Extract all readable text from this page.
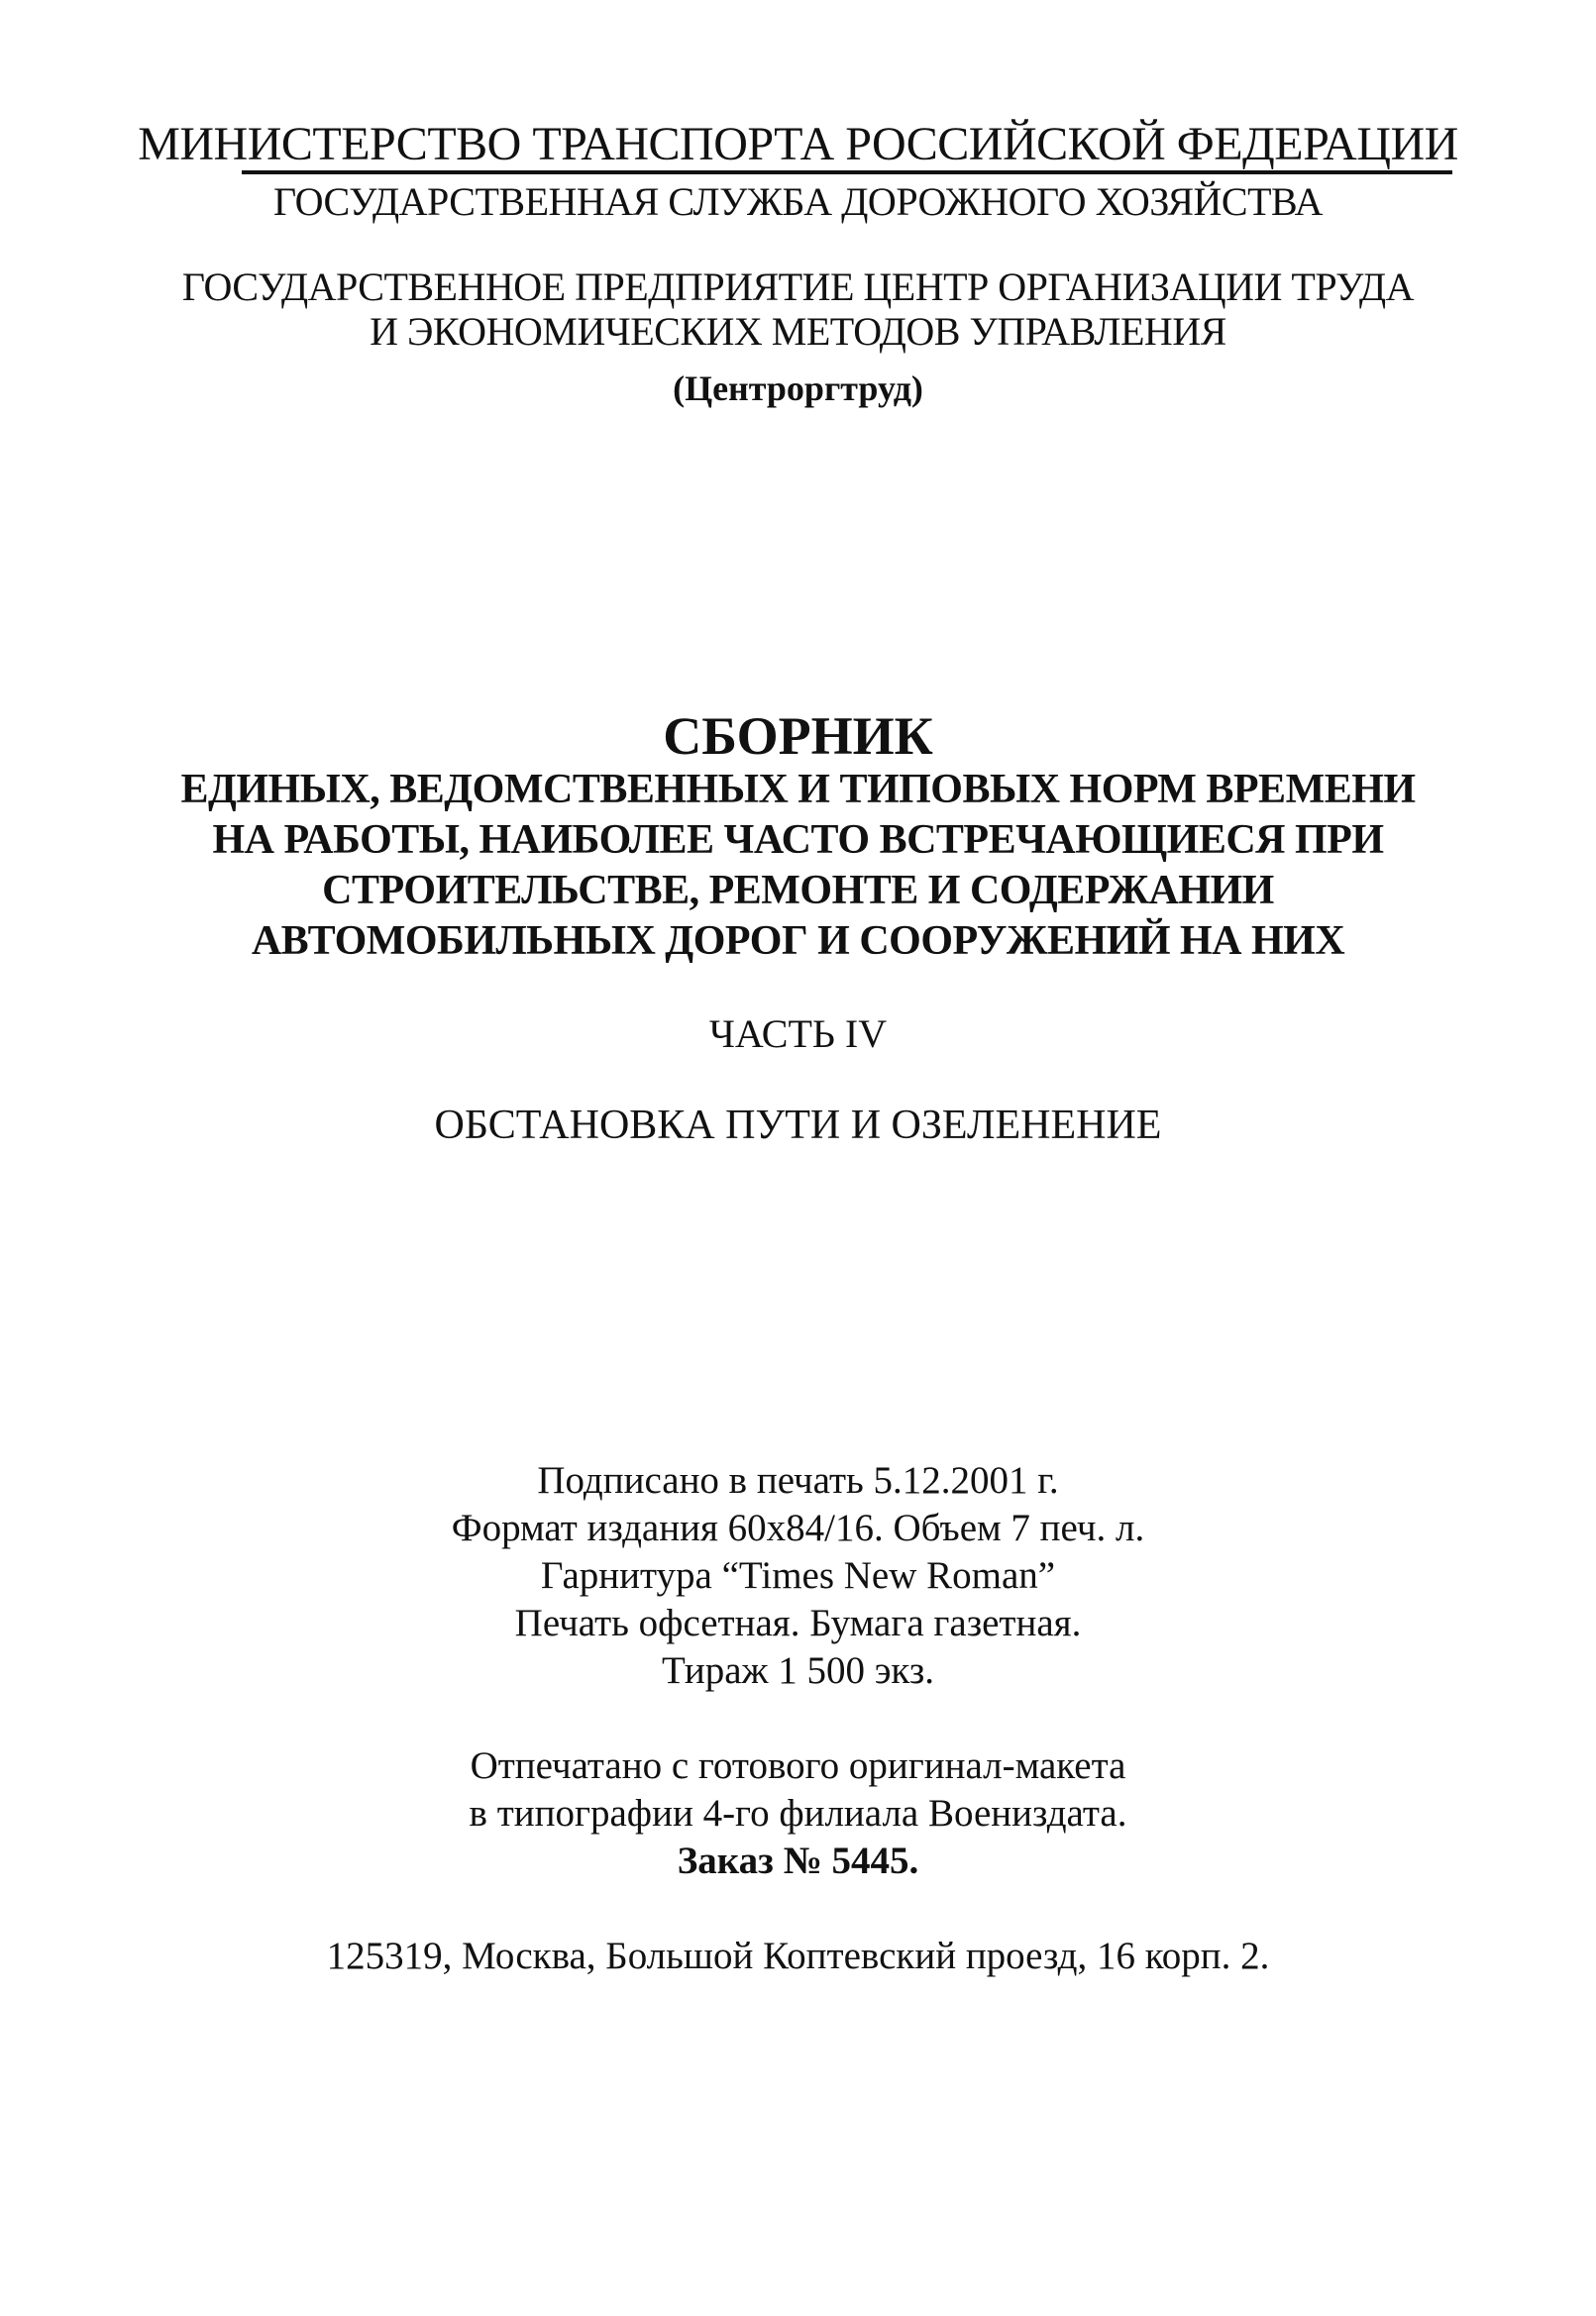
МИНИСТЕРСТВО ТРАНСПОРТА РОССИЙСКОЙ ФЕДЕРАЦИИ
ГОСУДАРСТВЕННАЯ СЛУЖБА ДОРОЖНОГО ХОЗЯЙСТВА
ГОСУДАРСТВЕННОЕ ПРЕДПРИЯТИЕ ЦЕНТР ОРГАНИЗАЦИИ ТРУДА
И ЭКОНОМИЧЕСКИХ МЕТОДОВ УПРАВЛЕНИЯ
(Центроргтруд)
СБОРНИК
ЕДИНЫХ, ВЕДОМСТВЕННЫХ И ТИПОВЫХ НОРМ ВРЕМЕНИ
НА РАБОТЫ, НАИБОЛЕЕ ЧАСТО ВСТРЕЧАЮЩИЕСЯ ПРИ
СТРОИТЕЛЬСТВЕ, РЕМОНТЕ И СОДЕРЖАНИИ
АВТОМОБИЛЬНЫХ ДОРОГ И СООРУЖЕНИЙ НА НИХ
ЧАСТЬ IV
ОБСТАНОВКА ПУТИ И ОЗЕЛЕНЕНИЕ
Подписано в печать 5.12.2001 г.
Формат издания 60х84/16. Объем 7 печ. л.
Гарнитура “Times New Roman”
Печать офсетная. Бумага газетная.
Тираж 1 500 экз.
Отпечатано с готового оригинал-макета
в типографии 4-го филиала Воениздата.
Заказ № 5445.
125319, Москва, Большой Коптевский проезд, 16 корп. 2.
